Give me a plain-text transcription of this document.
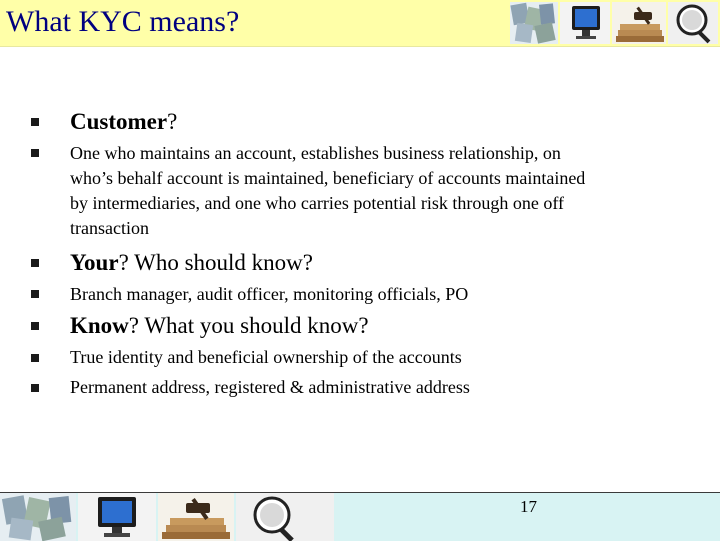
What KYC means?
Customer?
One who maintains an account, establishes business relationship, on
who’s behalf account is maintained, beneficiary of accounts maintained
by intermediaries, and one who carries potential risk through one off
transaction
Your? Who should know?
Branch manager, audit officer, monitoring officials, PO
Know? What you should know?
True identity and beneficial ownership of the accounts
Permanent address, registered & administrative address
17
